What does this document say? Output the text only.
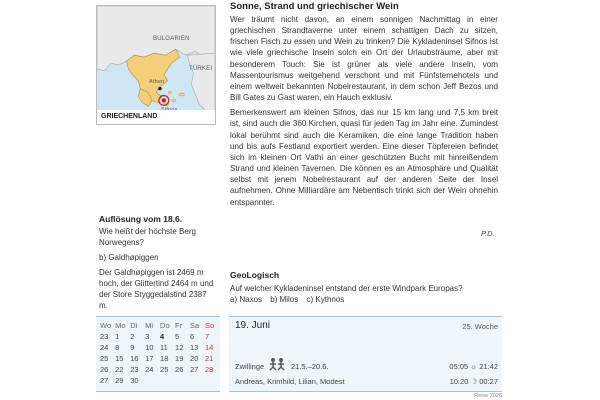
BULGARIEN
TÜRKEI
Athen
GRIECHENLAND
Sonne, Strand und griechischer Wein

Wer träumt nicht davon, an einem sonnigen Nachmittag in einer griechischen Strandtaverne unter einem schattigen Dach zu sitzen, frischen Fisch zu essen und Wein zu trinken? Die Kykladeninsel Sifnos ist wie viele griechische Inseln solch ein Ort der Urlaubsträume, aber mit besonderem Touch: Sie ist grüner als viele andere Inseln, vom Massentourismus weitgehend verschont und mit Fünfsternehotels und einem weltweit bekannten Nobelrestaurant, in dem schon Jeff Bezos und Bill Gates zu Gast waren, ein Hauch exklusiv.

Bemerkenswert am kleinen Sifnos, das nur 15 km lang und 7,5 km breit ist, sind auch die 360 Kirchen, quasi für jeden Tag im Jahr eine. Zumindest lokal berühmt sind auch die Keramiken, die eine lange Tradition haben und bis aufs Festland exportiert werden. Eine dieser Töpfereien befindet sich im kleinen Ort Vathi an einer geschützten Bucht mit hinreißendem Strand und kleinen Tavernen. Die können es an Atmosphäre und Qualität selbst mit jenem Nobelrestaurant auf der anderen Seite der Insel aufnehmen. Ohne Milliardäre am Nebentisch trinkt sich der Wein ohnehin entspannter.

P.D.
Auflösung vom 18.6.

Wie heißt der höchste Berg Norwegens?

b) Galdhøpiggen

Der Galdhøpiggen ist 2469 m hoch, der Glittertind 2464 m und der Store Styggedalstind 2387 m.

GeoLogisch
Auf welcher Kykladeninsel entstand der erste Windpark Europas?
a) Naxos b) Milos c) Kythnos
Wo	Mo	Di	Mi	Do	Fr	Sa	So
23	1	2	3	4	5	6	7
24	8	9	10	11	12	13	14
25	15	16	17	18	19	20	21
26	22	23	24	25	26	27	28
27	29	30					
19. Juni	25. Woche
Zwillinge	21.5.–20.6.
Andreas, Krimhild, Lilian, Modest
05:05 ☼ 21:42
10:20 ☽ 00:27
Reise 2026
